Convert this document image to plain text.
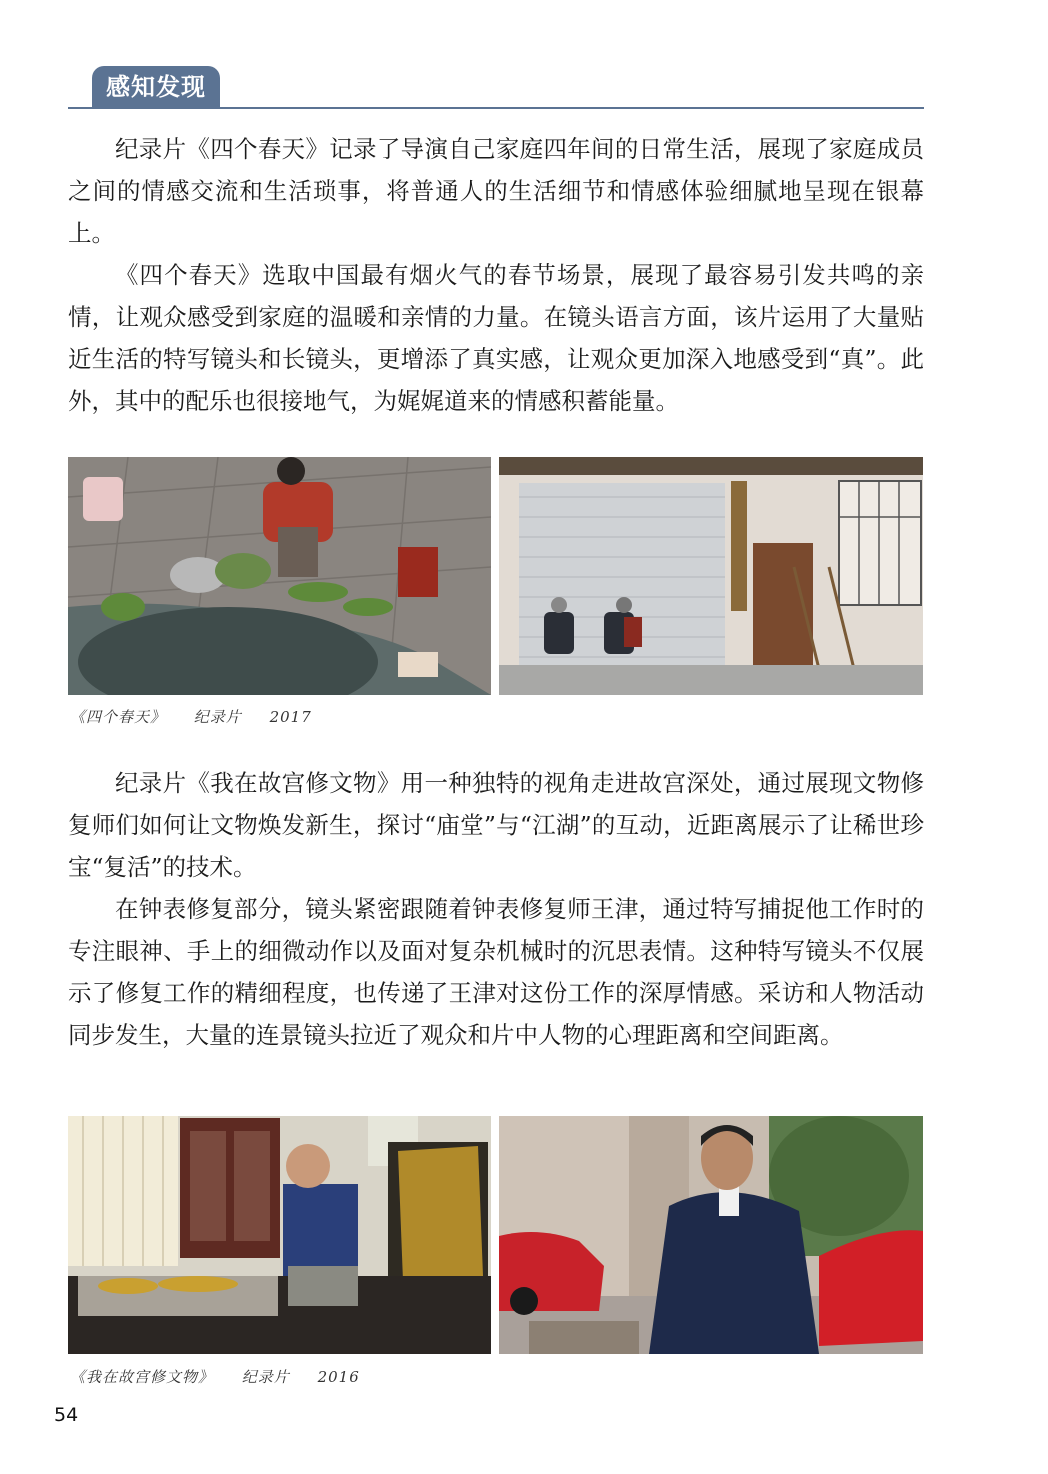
感知发现

纪录片《四个春天》记录了导演自己家庭四年间的日常生活，展现了家庭成员之间的情感交流和生活琐事，将普通人的生活细节和情感体验细腻地呈现在银幕上。

《四个春天》选取中国最有烟火气的春节场景，展现了最容易引发共鸣的亲情，让观众感受到家庭的温暖和亲情的力量。在镜头语言方面，该片运用了大量贴近生活的特写镜头和长镜头，更增添了真实感，让观众更加深入地感受到“真”。此外，其中的配乐也很接地气，为娓娓道来的情感积蓄能量。

《四个春天》 纪录片 2017

纪录片《我在故宫修文物》用一种独特的视角走进故宫深处，通过展现文物修复师们如何让文物焕发新生，探讨“庙堂”与“江湖”的互动，近距离展示了让稀世珍宝“复活”的技术。

在钟表修复部分，镜头紧密跟随着钟表修复师王津，通过特写捕捉他工作时的专注眼神、手上的细微动作以及面对复杂机械时的沉思表情。这种特写镜头不仅展示了修复工作的精细程度，也传递了王津对这份工作的深厚情感。采访和人物活动同步发生，大量的连景镜头拉近了观众和片中人物的心理距离和空间距离。

《我在故宫修文物》 纪录片 2016
54
